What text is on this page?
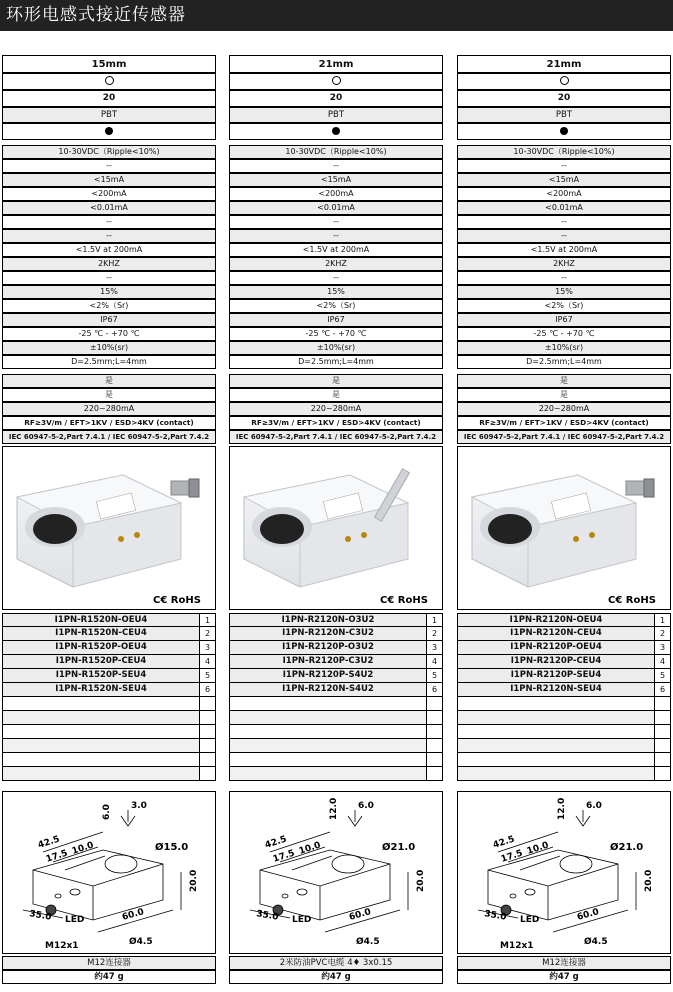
环形电感式接近传感器
15mm
20
PBT
10-30VDC（Ripple<10%)
--
<15mA
<200mA
<0.01mA
--
--
<1.5V at 200mA
2KHZ
--
15%
<2%（Sr)
IP67
-25 ℃ - +70 ℃
±10%(sr)
D=2.5mm;L=4mm
是
是
220~280mA
RF≥3V/m / EFT>1KV / ESD>4KV (contact)
IEC 60947-5-2,Part 7.4.1 / IEC 60947-5-2,Part 7.4.2
C€ RoHS
I1PN-R1520N-OEU4	1
I1PN-R1520N-CEU4	2
I1PN-R1520P-OEU4	3
I1PN-R1520P-CEU4	4
I1PN-R1520P-SEU4	5
I1PN-R1520N-SEU4	6
3.0
6.0
42.5
17.5 10.0	Ø15.0
20.0
35.0	60.0
Ø4.5
LED
M12x1
M12连接器
约47 g
21mm
20
PBT
10-30VDC（Ripple<10%)
--
<15mA
<200mA
<0.01mA
--
--
<1.5V at 200mA
2KHZ
--
15%
<2%（Sr)
IP67
-25 ℃ - +70 ℃
±10%(sr)
D=2.5mm;L=4mm
是
是
220~280mA
RF≥3V/m / EFT>1KV / ESD>4KV (contact)
IEC 60947-5-2,Part 7.4.1 / IEC 60947-5-2,Part 7.4.2
C€ RoHS
I1PN-R2120N-O3U2	1
I1PN-R2120N-C3U2	2
I1PN-R2120P-O3U2	3
I1PN-R2120P-C3U2	4
I1PN-R2120P-S4U2	5
I1PN-R2120N-S4U2	6
6.0
12.0
42.5
17.5 10.0	Ø21.0
20.0
35.0	60.0
Ø4.5
LED
2米防油PVC电缆 4♦ 3x0.15
约47 g
21mm
20
PBT
10-30VDC（Ripple<10%)
--
<15mA
<200mA
<0.01mA
--
--
<1.5V at 200mA
2KHZ
--
15%
<2%（Sr)
IP67
-25 ℃ - +70 ℃
±10%(sr)
D=2.5mm;L=4mm
是
是
220~280mA
RF≥3V/m / EFT>1KV / ESD>4KV (contact)
IEC 60947-5-2,Part 7.4.1 / IEC 60947-5-2,Part 7.4.2
C€ RoHS
I1PN-R2120N-OEU4	1
I1PN-R2120N-CEU4	2
I1PN-R2120P-OEU4	3
I1PN-R2120P-CEU4	4
I1PN-R2120P-SEU4	5
I1PN-R2120N-SEU4	6
6.0
12.0
42.5
17.5 10.0	Ø21.0
20.0
35.0	60.0
Ø4.5
LED
M12x1
M12连接器
约47 g
